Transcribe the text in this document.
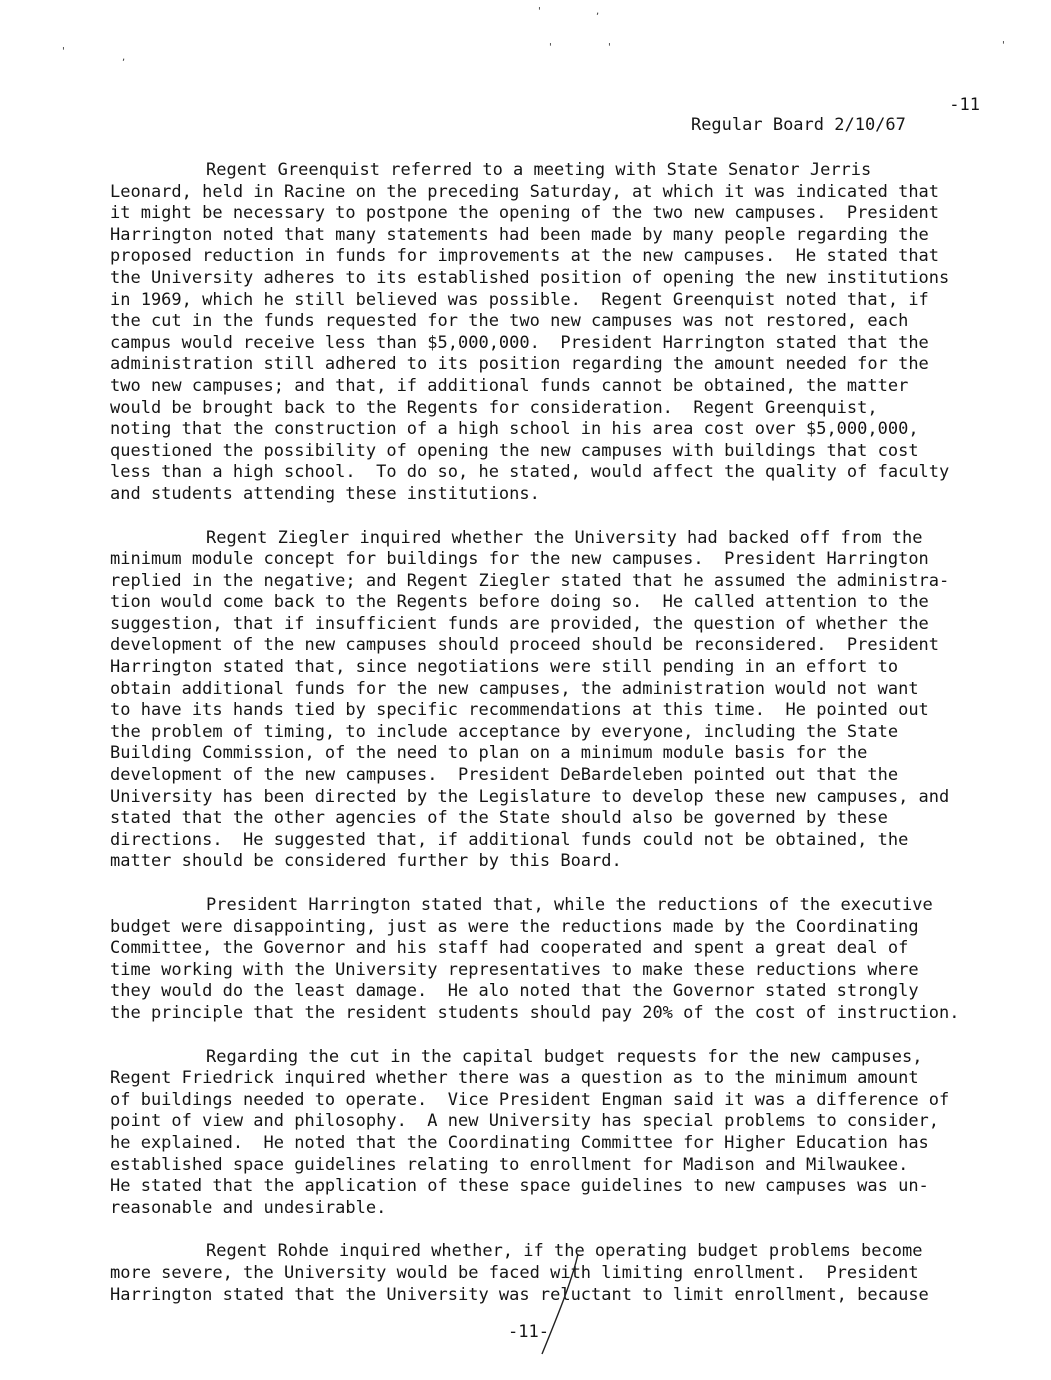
'	,
'
,
'	'	'

Regular Board 2/10/67

-11

Regent Greenquist referred to a meeting with State Senator Jerris
Leonard, held in Racine on the preceding Saturday, at which it was indicated that
it might be necessary to postpone the opening of the two new campuses.  President
Harrington noted that many statements had been made by many people regarding the
proposed reduction in funds for improvements at the new campuses.  He stated that
the University adheres to its established position of opening the new institutions
in 1969, which he still believed was possible.  Regent Greenquist noted that, if
the cut in the funds requested for the two new campuses was not restored, each
campus would receive less than $5,000,000.  President Harrington stated that the
administration still adhered to its position regarding the amount needed for the
two new campuses; and that, if additional funds cannot be obtained, the matter
would be brought back to the Regents for consideration.  Regent Greenquist,
noting that the construction of a high school in his area cost over $5,000,000,
questioned the possibility of opening the new campuses with buildings that cost
less than a high school.  To do so, he stated, would affect the quality of faculty
and students attending these institutions.
Regent Ziegler inquired whether the University had backed off from the
minimum module concept for buildings for the new campuses.  President Harrington
replied in the negative; and Regent Ziegler stated that he assumed the administra-
tion would come back to the Regents before doing so.  He called attention to the
suggestion, that if insufficient funds are provided, the question of whether the
development of the new campuses should proceed should be reconsidered.  President
Harrington stated that, since negotiations were still pending in an effort to
obtain additional funds for the new campuses, the administration would not want
to have its hands tied by specific recommendations at this time.  He pointed out
the problem of timing, to include acceptance by everyone, including the State
Building Commission, of the need to plan on a minimum module basis for the
development of the new campuses.  President DeBardeleben pointed out that the
University has been directed by the Legislature to develop these new campuses, and
stated that the other agencies of the State should also be governed by these
directions.  He suggested that, if additional funds could not be obtained, the
matter should be considered further by this Board.
President Harrington stated that, while the reductions of the executive
budget were disappointing, just as were the reductions made by the Coordinating
Committee, the Governor and his staff had cooperated and spent a great deal of
time working with the University representatives to make these reductions where
they would do the least damage.  He alo noted that the Governor stated strongly
the principle that the resident students should pay 20% of the cost of instruction.
Regarding the cut in the capital budget requests for the new campuses,
Regent Friedrick inquired whether there was a question as to the minimum amount
of buildings needed to operate.  Vice President Engman said it was a difference of
point of view and philosophy.  A new University has special problems to consider,
he explained.  He noted that the Coordinating Committee for Higher Education has
established space guidelines relating to enrollment for Madison and Milwaukee.
He stated that the application of these space guidelines to new campuses was un-
reasonable and undesirable.
Regent Rohde inquired whether, if the operating budget problems become
more severe, the University would be faced with limiting enrollment.  President
Harrington stated that the University was reluctant to limit enrollment, because
-11-
